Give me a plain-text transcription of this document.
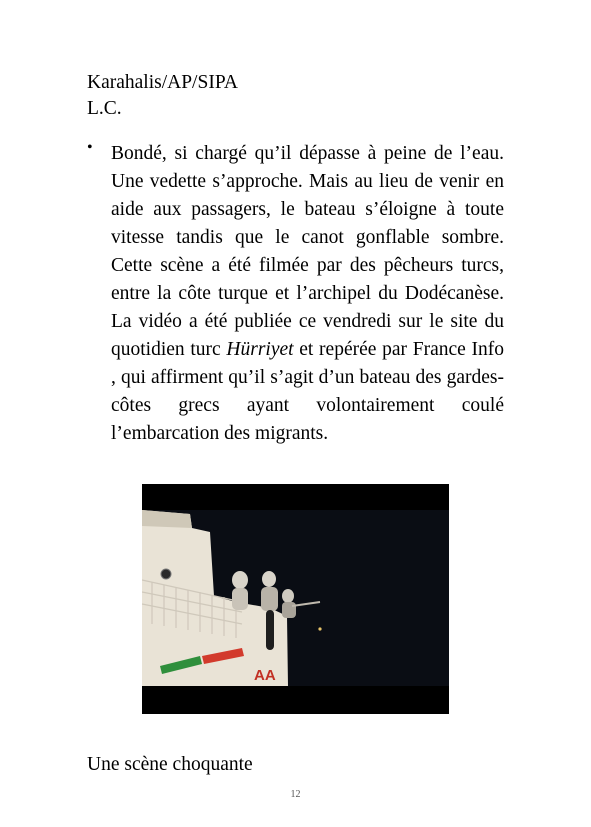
Karahalis/AP/SIPA
L.C.
• Bondé, si chargé qu’il dépasse à peine de l’eau. Une vedette s’approche. Mais au lieu de venir en aide aux passagers, le bateau s’éloigne à toute vitesse tandis que le canot gonflable sombre. Cette scène a été filmée par des pêcheurs turcs, entre la côte turque et l’archipel du Dodécanèse. La vidéo a été publiée ce vendredi sur le site du quotidien turc Hürriyet et repérée par France Info , qui affirment qu’il s’agit d’un bateau des gardes-côtes grecs ayant volontairement coulé l’embarcation des migrants.

AA
Une scène choquante
12
